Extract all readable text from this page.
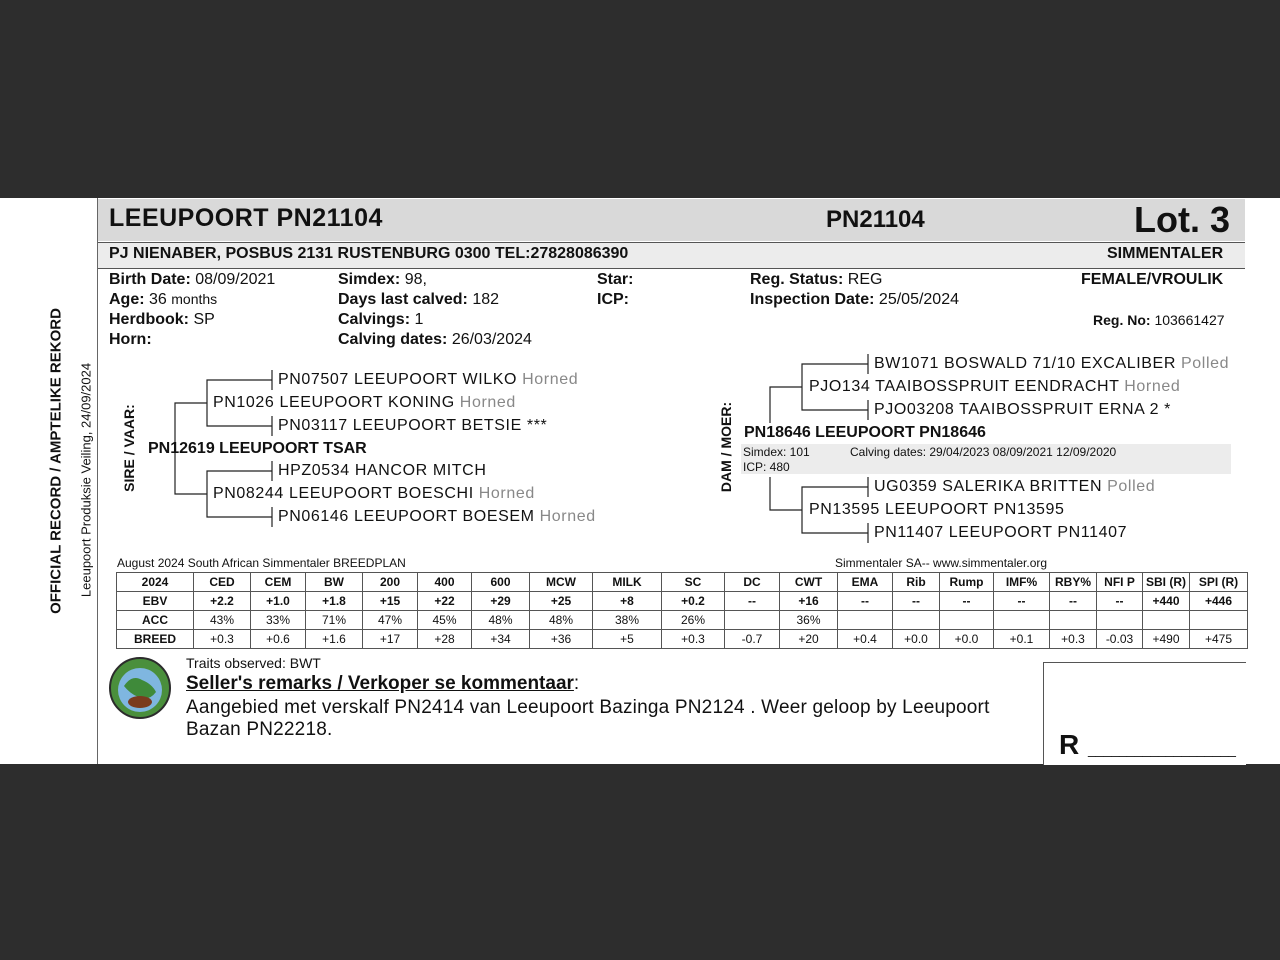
OFFICIAL RECORD / AMPTELIKE REKORD Leeupoort Produksie Veiling, 24/09/2024
LEEUPOORT PN21104	PN21104	Lot. 3
PJ NIENABER, POSBUS 2131 RUSTENBURG 0300 TEL:27828086390	SIMMENTALER
Birth Date: 08/09/2021
Age: 36 months
Herdbook: SP
Horn:
Simdex: 98,
Days last calved: 182
Calvings: 1
Calving dates: 26/03/2024
Star:
ICP:
Reg. Status: REG
Inspection Date: 25/05/2024
FEMALE/VROULIK
Reg. No: 103661427
SIRE / VAAR:
PN07507 LEEUPOORT WILKO Horned
PN1026 LEEUPOORT KONING Horned
PN03117 LEEUPOORT BETSIE ***
PN12619 LEEUPOORT TSAR
HPZ0534 HANCOR MITCH
PN08244 LEEUPOORT BOESCHI Horned
PN06146 LEEUPOORT BOESEM Horned
DAM / MOER:
BW1071 BOSWALD 71/10 EXCALIBER Polled
PJO134 TAAIBOSSPRUIT EENDRACHT Horned
PJO03208 TAAIBOSSPRUIT ERNA 2 *
PN18646 LEEUPOORT PN18646
Simdex: 101	Calving dates: 29/04/2023 08/09/2021 12/09/2020
ICP: 480
UG0359 SALERIKA BRITTEN Polled
PN13595 LEEUPOORT PN13595
PN11407 LEEUPOORT PN11407
August 2024 South African Simmentaler BREEDPLAN	Simmentaler SA-- www.simmentaler.org
2024	CED	CEM	BW	200	400	600	MCW	MILK	SC	DC	CWT	EMA	Rib	Rump	IMF%	RBY%	NFI P	SBI (R)	SPI (R)
EBV	+2.2	+1.0	+1.8	+15	+22	+29	+25	+8	+0.2	--	+16	--	--	--	--	--	--	+440	+446
ACC	43%	33%	71%	47%	45%	48%	48%	38%	26%		36%								
BREED	+0.3	+0.6	+1.6	+17	+28	+34	+36	+5	+0.3	-0.7	+20	+0.4	+0.0	+0.0	+0.1	+0.3	-0.03	+490	+475
Traits observed: BWT
Seller's remarks / Verkoper se kommentaar:
Aangebied met verskalf PN2414 van Leeupoort Bazinga PN2124 . Weer geloop by Leeupoort
Bazan PN22218.	R ___________________
